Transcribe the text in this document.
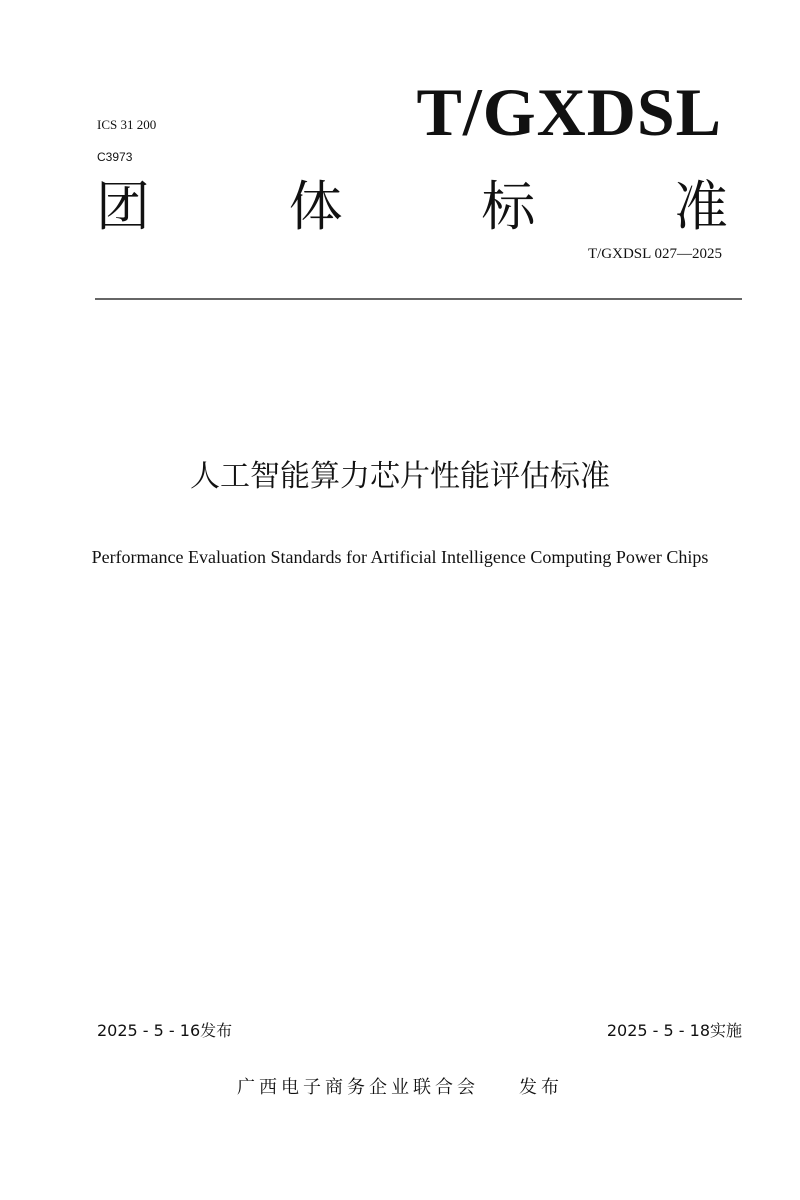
ICS 31 200
C3973
T/GXDSL
团	体	标	准
T/GXDSL 027—2025
人工智能算力芯片性能评估标准
Performance Evaluation Standards for Artificial Intelligence Computing Power Chips
2025 - 5 - 16发布	2025 - 5 - 18实施
广西电子商务企业联合会 发布
